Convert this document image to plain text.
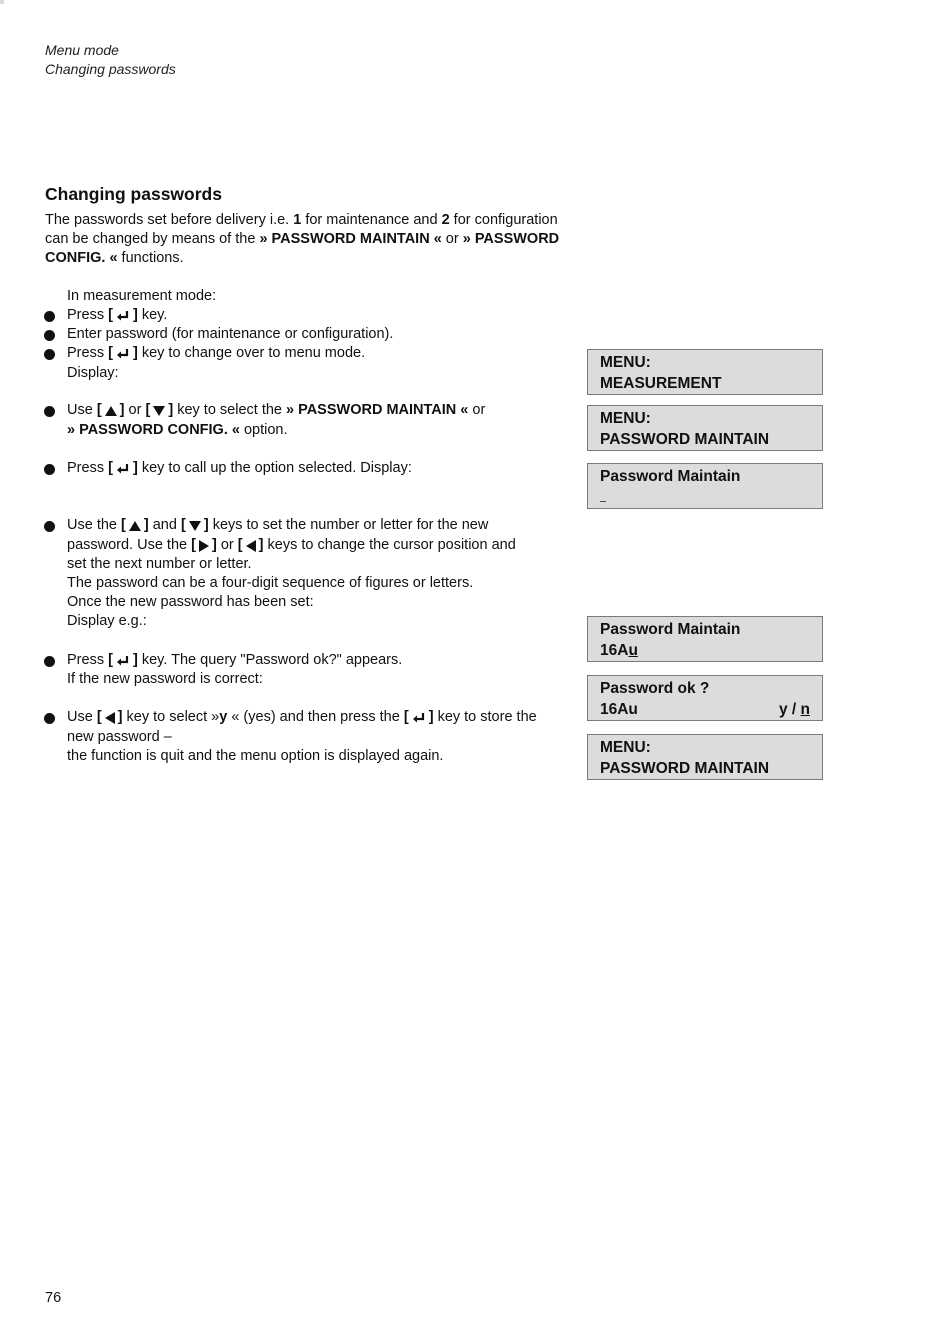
Menu mode
Changing passwords
Changing passwords

The passwords set before delivery i.e. 1 for maintenance and 2 for configuration can be changed by means of the » PASSWORD MAINTAIN « or » PASSWORD CONFIG. « functions.

In measurement mode:
Press [ ] key.
Enter password (for maintenance or configuration).
Press [ ] key to change over to menu mode.
Display:
Use [ ] or [ ] key to select the » PASSWORD MAINTAIN « or
» PASSWORD CONFIG. « option.
Press [ ] key to call up the option selected. Display:
Use the [ ] and [ ] keys to set the number or letter for the new
password. Use the [ ] or [ ] keys to change the cursor position and
set the next number or letter.
The password can be a four-digit sequence of figures or letters.
Once the new password has been set:
Display e.g.:
Press [ ] key. The query "Password ok?" appears.
If the new password is correct:
Use [ ] key to select »y « (yes) and then press the [ ] key to store the
new password –
the function is quit and the menu option is displayed again.
MENU:
MEASUREMENT
MENU:
PASSWORD MAINTAIN
Password Maintain
Password Maintain
16Au
Password ok ?
16Au	y / n
MENU:
PASSWORD MAINTAIN
76
